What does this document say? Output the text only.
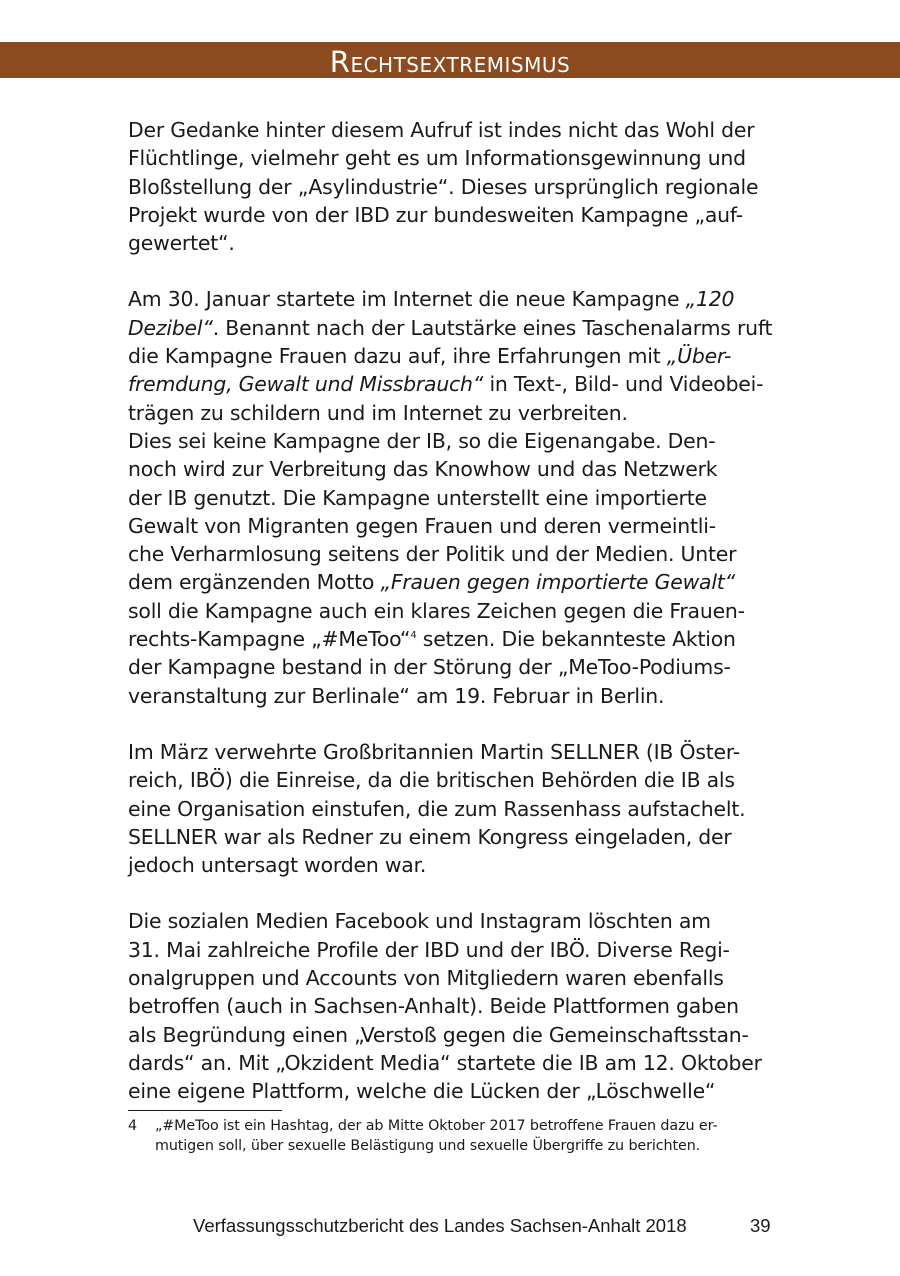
Rechtsextremismus

Der Gedanke hinter diesem Aufruf ist indes nicht das Wohl der
Flüchtlinge, vielmehr geht es um Informationsgewinnung und
Bloßstellung der „Asylindustrie“. Dieses ursprünglich regionale
Projekt wurde von der IBD zur bundesweiten Kampagne „auf-
gewertet“.

Am 30. Januar startete im Internet die neue Kampagne „120
Dezibel“. Benannt nach der Lautstärke eines Taschenalarms ruft
die Kampagne Frauen dazu auf, ihre Erfahrungen mit „Über-
fremdung, Gewalt und Missbrauch“ in Text-, Bild- und Videobei-
trägen zu schildern und im Internet zu verbreiten.
Dies sei keine Kampagne der IB, so die Eigenangabe. Den-
noch wird zur Verbreitung das Knowhow und das Netzwerk
der IB genutzt. Die Kampagne unterstellt eine importierte
Gewalt von Migranten gegen Frauen und deren vermeintli-
che Verharmlosung seitens der Politik und der Medien. Unter
dem ergänzenden Motto „Frauen gegen importierte Gewalt“
soll die Kampagne auch ein klares Zeichen gegen die Frauen-
rechts-Kampagne „#MeToo“$^4$ setzen. Die bekannteste Aktion
der Kampagne bestand in der Störung der „MeToo-Podiums-
veranstaltung zur Berlinale“ am 19. Februar in Berlin.

Im März verwehrte Großbritannien Martin SELLNER (IB Öster-
reich, IBÖ) die Einreise, da die britischen Behörden die IB als
eine Organisation einstufen, die zum Rassenhass aufstachelt.
SELLNER war als Redner zu einem Kongress eingeladen, der
jedoch untersagt worden war.

Die sozialen Medien Facebook und Instagram löschten am
31. Mai zahlreiche Profile der IBD und der IBÖ. Diverse Regi-
onalgruppen und Accounts von Mitgliedern waren ebenfalls
betroffen (auch in Sachsen-Anhalt). Beide Plattformen gaben
als Begründung einen „Verstoß gegen die Gemeinschaftsstan-
dards“ an. Mit „Okzident Media“ startete die IB am 12. Oktober
eine eigene Plattform, welche die Lücken der „Löschwelle“

4 „#MeToo ist ein Hashtag, der ab Mitte Oktober 2017 betroffene Frauen dazu er-
mutigen soll, über sexuelle Belästigung und sexuelle Übergriffe zu berichten.
Verfassungsschutzbericht des Landes Sachsen-Anhalt 2018	39
